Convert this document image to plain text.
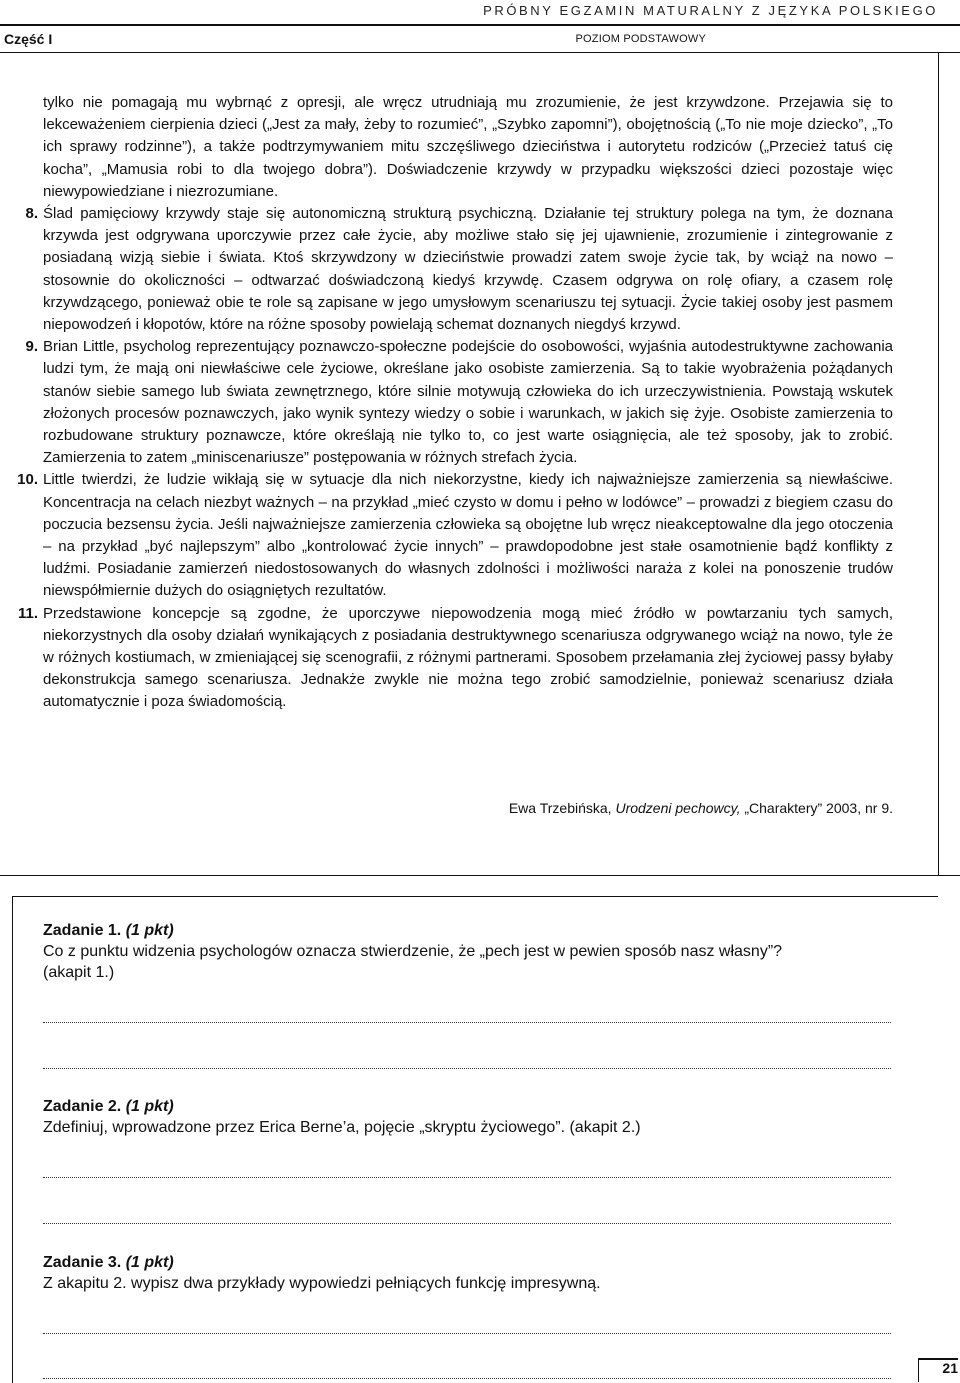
PRÓBNY EGZAMIN MATURALNY Z JĘZYKA POLSKIEGO
Część I	POZIOM PODSTAWOWY

tylko nie pomagają mu wybrnąć z opresji, ale wręcz utrudniają mu zrozumienie, że jest krzywdzone. Przejawia się to lekceważeniem cierpienia dzieci („Jest za mały, żeby to rozumieć”, „Szybko zapomni”), obojętnością („To nie moje dziecko”, „To ich sprawy rodzinne”), a także podtrzymywaniem mitu szczęśliwego dzieciństwa i autorytetu rodziców („Przecież tatuś cię kocha”, „Mamusia robi to dla twojego dobra”). Doświadczenie krzywdy w przypadku większości dzieci pozostaje więc niewypowiedziane i niezrozumiane.

8. Ślad pamięciowy krzywdy staje się autonomiczną strukturą psychiczną. Działanie tej struktury polega na tym, że doznana krzywda jest odgrywana uporczywie przez całe życie, aby możliwe stało się jej ujawnienie, zrozumienie i zintegrowanie z posiadaną wizją siebie i świata. Ktoś skrzywdzony w dzieciństwie prowadzi zatem swoje życie tak, by wciąż na nowo – stosownie do okoliczności – odtwarzać doświadczoną kiedyś krzywdę. Czasem odgrywa on rolę ofiary, a czasem rolę krzywdzącego, ponieważ obie te role są zapisane w jego umysłowym scenariuszu tej sytuacji. Życie takiej osoby jest pasmem niepowodzeń i kłopotów, które na różne sposoby powielają schemat doznanych niegdyś krzywd.

9. Brian Little, psycholog reprezentujący poznawczo-społeczne podejście do osobowości, wyjaśnia autodestruktywne zachowania ludzi tym, że mają oni niewłaściwe cele życiowe, określane jako osobiste zamierzenia. Są to takie wyobrażenia pożądanych stanów siebie samego lub świata zewnętrznego, które silnie motywują człowieka do ich urzeczywistnienia. Powstają wskutek złożonych procesów poznawczych, jako wynik syntezy wiedzy o sobie i warunkach, w jakich się żyje. Osobiste zamierzenia to rozbudowane struktury poznawcze, które określają nie tylko to, co jest warte osiągnięcia, ale też sposoby, jak to zrobić. Zamierzenia to zatem „miniscenariusze” postępowania w różnych strefach życia.

10. Little twierdzi, że ludzie wikłają się w sytuacje dla nich niekorzystne, kiedy ich najważniejsze zamierzenia są niewłaściwe. Koncentracja na celach niezbyt ważnych – na przykład „mieć czysto w domu i pełno w lodówce” – prowadzi z biegiem czasu do poczucia bezsensu życia. Jeśli najważniejsze zamierzenia człowieka są obojętne lub wręcz nieakceptowalne dla jego otoczenia – na przykład „być najlepszym” albo „kontrolować życie innych” – prawdopodobne jest stałe osamotnienie bądź konflikty z ludźmi. Posiadanie zamierzeń niedostosowanych do własnych zdolności i możliwości naraża z kolei na ponoszenie trudów niewspółmiernie dużych do osiągniętych rezultatów.

11. Przedstawione koncepcje są zgodne, że uporczywe niepowodzenia mogą mieć źródło w powtarzaniu tych samych, niekorzystnych dla osoby działań wynikających z posiadania destruktywnego scenariusza odgrywanego wciąż na nowo, tyle że w różnych kostiumach, w zmieniającej się scenografii, z różnymi partnerami. Sposobem przełamania złej życiowej passy byłaby dekonstrukcja samego scenariusza. Jednakże zwykle nie można tego zrobić samodzielnie, ponieważ scenariusz działa automatycznie i poza świadomością.

Ewa Trzebińska, Urodzeni pechowcy, „Charaktery” 2003, nr 9.
Zadanie 1. (1 pkt)
Co z punktu widzenia psychologów oznacza stwierdzenie, że „pech jest w pewien sposób nasz własny”? (akapit 1.)
Zadanie 2. (1 pkt)
Zdefiniuj, wprowadzone przez Erica Berne’a, pojęcie „skryptu życiowego”. (akapit 2.)
Zadanie 3. (1 pkt)
Z akapitu 2. wypisz dwa przykłady wypowiedzi pełniących funkcję impresywną.
21
